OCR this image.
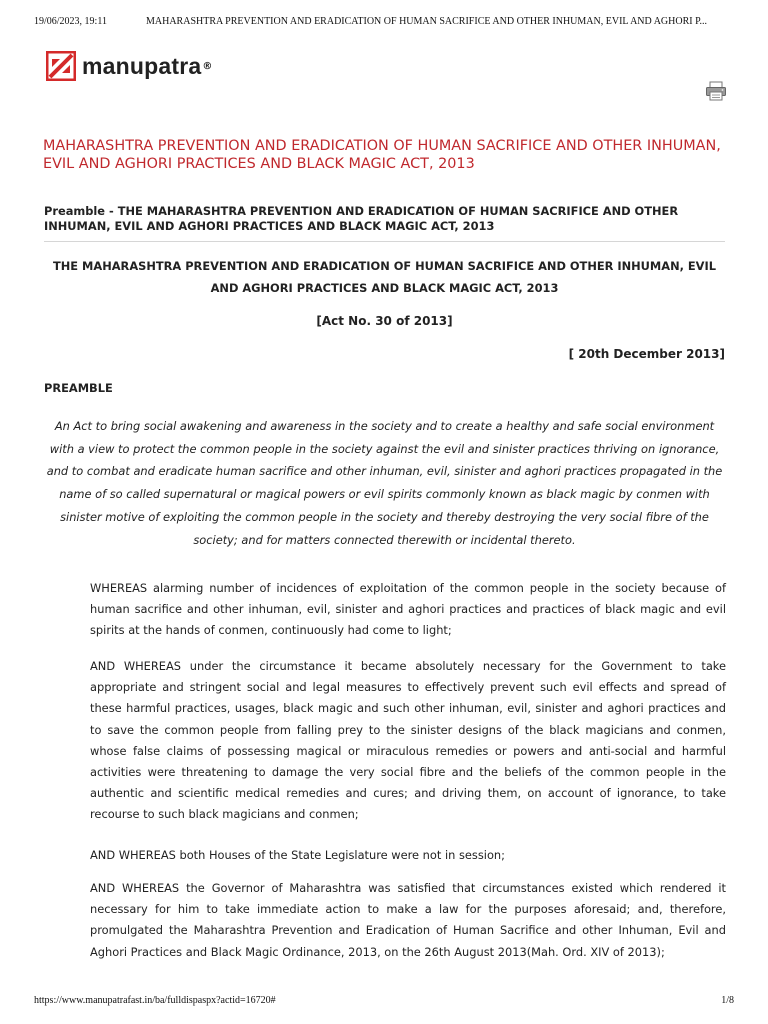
19/06/2023, 19:11	MAHARASHTRA PREVENTION AND ERADICATION OF HUMAN SACRIFICE AND OTHER INHUMAN, EVIL AND AGHORI P...
manupatra ®
MAHARASHTRA PREVENTION AND ERADICATION OF HUMAN SACRIFICE AND OTHER INHUMAN, EVIL AND AGHORI PRACTICES AND BLACK MAGIC ACT, 2013
Preamble - THE MAHARASHTRA PREVENTION AND ERADICATION OF HUMAN SACRIFICE AND OTHER INHUMAN, EVIL AND AGHORI PRACTICES AND BLACK MAGIC ACT, 2013
THE MAHARASHTRA PREVENTION AND ERADICATION OF HUMAN SACRIFICE AND OTHER INHUMAN, EVIL AND AGHORI PRACTICES AND BLACK MAGIC ACT, 2013
[Act No. 30 of 2013]
[ 20th December 2013]
PREAMBLE
An Act to bring social awakening and awareness in the society and to create a healthy and safe social environment with a view to protect the common people in the society against the evil and sinister practices thriving on ignorance, and to combat and eradicate human sacrifice and other inhuman, evil, sinister and aghori practices propagated in the name of so called supernatural or magical powers or evil spirits commonly known as black magic by conmen with sinister motive of exploiting the common people in the society and thereby destroying the very social fibre of the society; and for matters connected therewith or incidental thereto.
WHEREAS alarming number of incidences of exploitation of the common people in the society because of human sacrifice and other inhuman, evil, sinister and aghori practices and practices of black magic and evil spirits at the hands of conmen, continuously had come to light;
AND WHEREAS under the circumstance it became absolutely necessary for the Government to take appropriate and stringent social and legal measures to effectively prevent such evil effects and spread of these harmful practices, usages, black magic and such other inhuman, evil, sinister and aghori practices and to save the common people from falling prey to the sinister designs of the black magicians and conmen, whose false claims of possessing magical or miraculous remedies or powers and anti-social and harmful activities were threatening to damage the very social fibre and the beliefs of the common people in the authentic and scientific medical remedies and cures; and driving them, on account of ignorance, to take recourse to such black magicians and conmen;
AND WHEREAS both Houses of the State Legislature were not in session;
AND WHEREAS the Governor of Maharashtra was satisfied that circumstances existed which rendered it necessary for him to take immediate action to make a law for the purposes aforesaid; and, therefore, promulgated the Maharashtra Prevention and Eradication of Human Sacrifice and other Inhuman, Evil and Aghori Practices and Black Magic Ordinance, 2013, on the 26th August 2013(Mah. Ord. XIV of 2013);
https://www.manupatrafast.in/ba/fulldispaspx?actid=16720#	1/8
